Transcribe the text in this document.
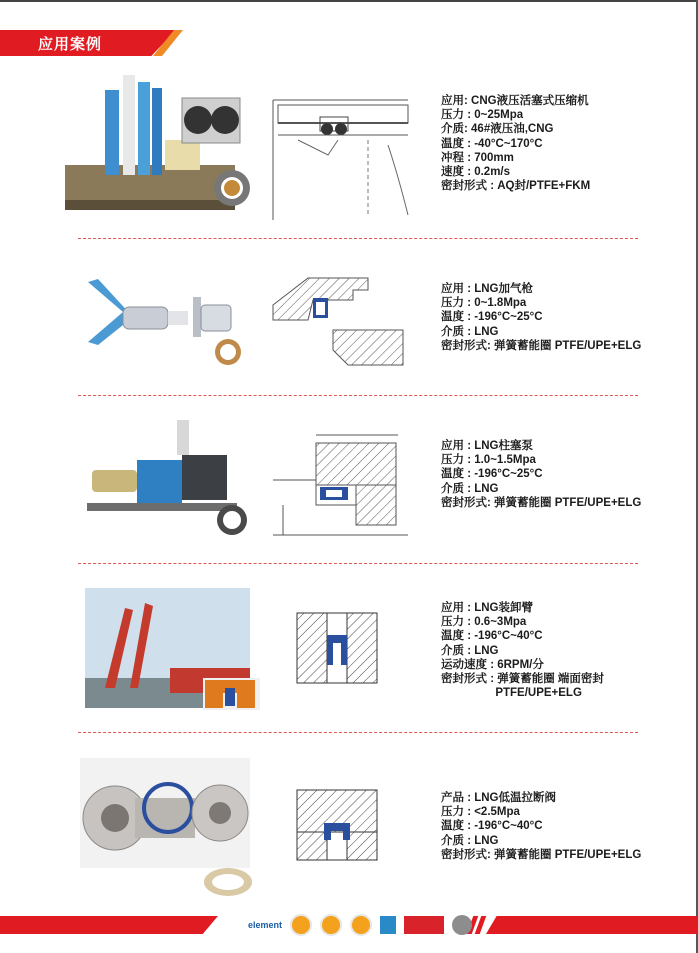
应用案例
应用: CNG液压活塞式压缩机
压力 : 0~25Mpa
介质: 46#液压油,CNG
温度 : -40°C~170°C
冲程 : 700mm
速度 : 0.2m/s
密封形式 : AQ封/PTFE+FKM
应用 : LNG加气枪
压力 : 0~1.8Mpa
温度 : -196°C~25°C
介质 : LNG
密封形式: 弹簧蓄能圈 PTFE/UPE+ELG
应用 : LNG柱塞泵
压力 : 1.0~1.5Mpa
温度 : -196°C~25°C
介质 : LNG
密封形式: 弹簧蓄能圈 PTFE/UPE+ELG
应用 : LNG装卸臂
压力 : 0.6~3Mpa
温度 : -196°C~40°C
介质 : LNG
运动速度 : 6RPM/分
密封形式 : 弹簧蓄能圈 端面密封
PTFE/UPE+ELG
产品 : LNG低温拉断阀
压力 : <2.5Mpa
温度 : -196°C~40°C
介质 : LNG
密封形式: 弹簧蓄能圈 PTFE/UPE+ELG
element
